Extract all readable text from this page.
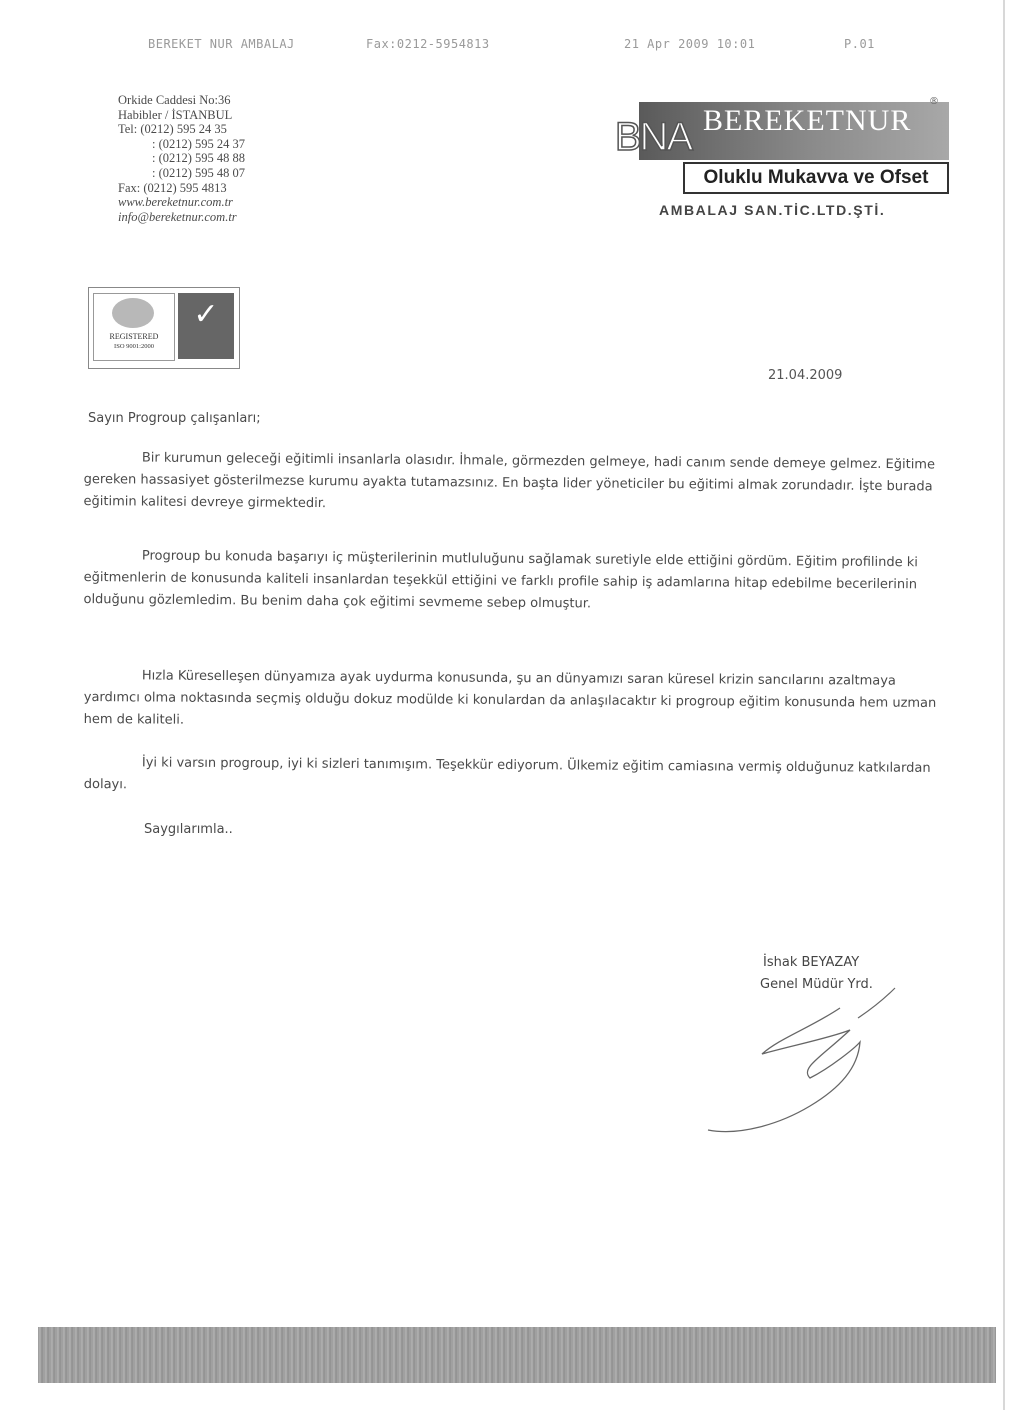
BEREKET NUR AMBALAJ	Fax:0212-5954813	21 Apr 2009 10:01	P.01
Orkide Caddesi No:36
Habibler / İSTANBUL
Tel: (0212) 595 24 35
: (0212) 595 24 37
: (0212) 595 48 88
: (0212) 595 48 07
Fax: (0212) 595 4813
www.bereketnur.com.tr
info@bereketnur.com.tr
BNA BEREKETNUR
®
Oluklu Mukavva ve Ofset
AMBALAJ SAN.TİC.LTD.ŞTİ.
REGISTERED
ISO 9001:2000
✓
21.04.2009
Sayın Progroup çalışanları;
Bir kurumun geleceği eğitimli insanlarla olasıdır. İhmale, görmezden gelmeye, hadi canım sende demeye gelmez. Eğitime gereken hassasiyet gösterilmezse kurumu ayakta tutamazsınız. En başta lider yöneticiler bu eğitimi almak zorundadır. İşte burada eğitimin kalitesi devreye girmektedir.
Progroup bu konuda başarıyı iç müşterilerinin mutluluğunu sağlamak suretiyle elde ettiğini gördüm. Eğitim profilinde ki eğitmenlerin de konusunda kaliteli insanlardan teşekkül ettiğini ve farklı profile sahip iş adamlarına hitap edebilme becerilerinin olduğunu gözlemledim. Bu benim daha çok eğitimi sevmeme sebep olmuştur.
Hızla Küreselleşen dünyamıza ayak uydurma konusunda, şu an dünyamızı saran küresel krizin sancılarını azaltmaya yardımcı olma noktasında seçmiş olduğu dokuz modülde ki konulardan da anlaşılacaktır ki progroup eğitim konusunda hem uzman hem de kaliteli.
İyi ki varsın progroup, iyi ki sizleri tanımışım. Teşekkür ediyorum. Ülkemiz eğitim camiasına vermiş olduğunuz katkılardan dolayı.
Saygılarımla..
İshak BEYAZAY
Genel Müdür Yrd.
